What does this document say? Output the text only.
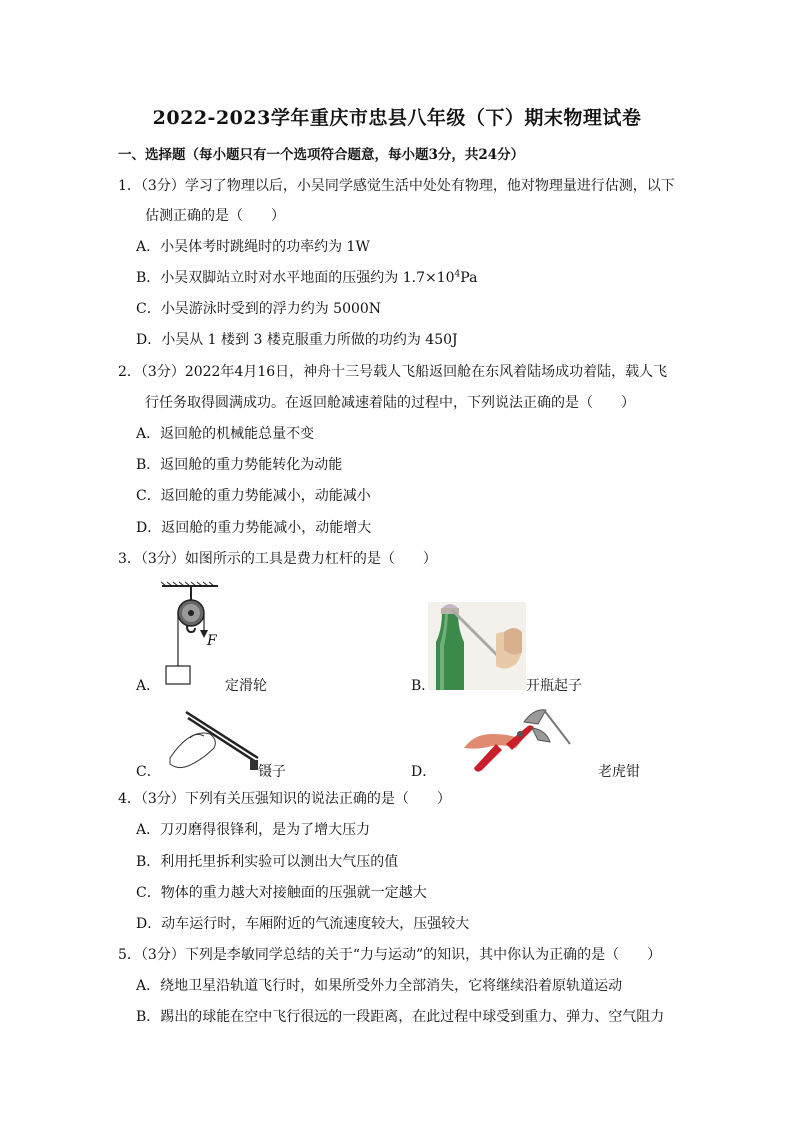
2022-2023学年重庆市忠县八年级（下）期末物理试卷
一、选择题（每小题只有一个选项符合题意，每小题3分，共24分）
1．（3分）学习了物理以后，小吴同学感觉生活中处处有物理，他对物理量进行估测，以下
估测正确的是（　　）
A．小吴体考时跳绳时的功率约为 1W
B．小吴双脚站立时对水平地面的压强约为 $1.7\times 10^4Pa$
C．小吴游泳时受到的浮力约为 5000N
D．小吴从 1 楼到 3 楼克服重力所做的功约为 450J
2．（3分）2022年4月16日，神舟十三号载人飞船返回舱在东风着陆场成功着陆，载人飞
行任务取得圆满成功。在返回舱减速着陆的过程中，下列说法正确的是（　　）
A．返回舱的机械能总量不变
B．返回舱的重力势能转化为动能
C．返回舱的重力势能减小，动能减小
D．返回舱的重力势能减小，动能增大
3．（3分）如图所示的工具是费力杠杆的是（　　）
F
A．	定滑轮	B．	开瓶起子
C．	镊子	D．	老虎钳
4．（3分）下列有关压强知识的说法正确的是（　　）
A．刀刃磨得很锋利，是为了增大压力
B．利用托里拆利实验可以测出大气压的值
C．物体的重力越大对接触面的压强就一定越大
D．动车运行时，车厢附近的气流速度较大，压强较大
5．（3分）下列是李敏同学总结的关于“力与运动”的知识，其中你认为正确的是（　　）
A．绕地卫星沿轨道飞行时，如果所受外力全部消失，它将继续沿着原轨道运动
B．踢出的球能在空中飞行很远的一段距离，在此过程中球受到重力、弹力、空气阻力
